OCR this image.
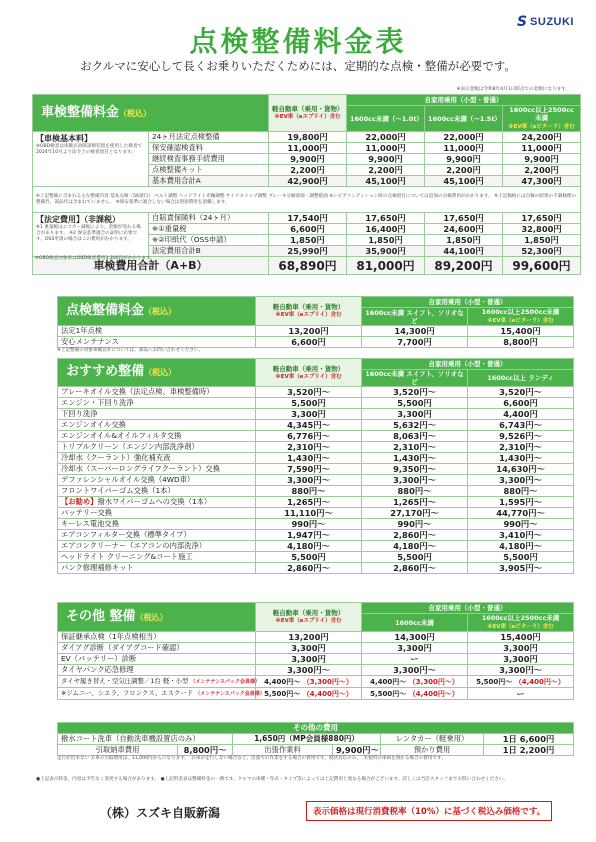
S SUZUKI
点検整備料金表
おクルマに安心して長くお乗りいただくためには、定期的な点検・整備が必要です。
※表示金額は令和8年4月1日時点での金額になります。
車検整備料金（税込）		軽自動車（乗用・貨物）
※EV車（eエブリイ）含む	自家用乗用（小型・普通）		
			1600cc未満（～1.0t）	1600cc未満（～1.5t）	1600cc以上2500cc未満
※EV車（eビターラ）含む

【車検基本料】
※OBD検査は車載式故障診断装置を使用した検査で2024年10月より法令上の検査項目となります。	24ヶ月法定点検整備	19,800円	22,000円	22,000円	24,200円
	保安確認検査料	11,000円	11,000円	11,000円	11,000円
	継続検査事務手続費用	9,900円	9,900円	9,900円	9,900円
	点検整備キット	2,200円	2,200円	2,200円	2,200円
	基本費用合計A	42,900円	45,100円	45,100円	47,300円
※上記整備に含まれる主な整備内容 基本点検（56項目） ベルト調整 ヘッドライト光軸調整 サイドスリップ調整 ブレーキ分解清掃・調整給油 ※シビアコンディション時の点検項目については追加の点検費用がかかります。 ※上記価格には点検の結果の不調修理の整備代、部品代は含まれていません。 ※保安基準に適合しない場合は別途費用を頂戴します。					

【法定費用】（非課税）
※1 重量税はエコカー減税により、金額が変わる場合があります。 ※2 保安基準適合の証明に必要です。OSS申請の場合はこの費用がかかります。	自賠責保険料（24ヶ月）	17,540円	17,650円	17,650円	17,650円
	※①重量税	6,600円	16,400円	24,600円	32,800円
	※②印紙代（OSS申請）	1,850円	1,850円	1,850円	1,850円
	法定費用合計B	25,990円	35,900円	44,100円	52,300円

※OBD検査対象車はOBD検査費用3,300円がかかります。
車検費用合計（A+B）		68,890円	81,000円	89,200円	99,600円
点検整備料金（税込）	軽自動車（乗用・貨物）
※EV車（eエブリイ）含む	自家用乗用（小型・普通）	
		1600cc未満 スイフト、ソリオなど	1600cc以上2500cc未満
※EV車（eビターラ）含む
法定1年点検	13,200円	14,300円	15,400円
安心メンテナンス	6,600円	7,700円	8,800円
※上記整備の対象車種以外については、部品へお問い合わせください。
おすすめ整備（税込）	軽自動車（乗用・貨物）
※EV車（eエブリイ）含む	自家用乗用（小型・普通）	
		1600cc未満 スイフト、ソリオなど	1600cc以上 ランディ
ブレーキオイル交換（法定点検、車検整備時）	3,520円～	3,520円～	3,520円～
エンジン・下回り洗浄	5,500円	5,500円	6,600円
下回り洗浄	3,300円	3,300円	4,400円
エンジンオイル交換	4,345円～	5,632円～	6,743円～
エンジンオイル&オイルフィルタ交換	6,776円～	8,063円～	9,526円～
トリプルクリーン（エンジン内部洗浄剤）	2,310円～	2,310円～	2,310円～
冷却水（クーラント）強化補充液	1,430円～	1,430円～	1,430円～
冷却水（スーパーロングライフクーラント）交換	7,590円～	9,350円～	14,630円～
デファレンシャルオイル交換（4WD車）	3,300円～	3,300円～	3,300円～
フロントワイパーゴム交換（1本）	880円～	880円～	880円～
【お勧め】撥水ワイパーゴムへの交換（1本）	1,265円～	1,265円～	1,595円～
バッテリー交換	11,110円～	27,170円～	44,770円～
キーレス電池交換	990円～	990円～	990円～
エアコンフィルター交換（標準タイプ）	1,947円～	2,860円～	3,410円～
エアコンクリーナー（エアコンの内部洗浄）	4,180円～	4,180円～	4,180円～
ヘッドライト クリーニング&コート施工	5,500円	5,500円	5,500円
パンク修理補修キット	2,860円～	2,860円～	3,905円～
その他 整備（税込）	軽自動車（乗用・貨物）
※EV車（eエブリイ）含む	自家用乗用（小型・普通）	
		1600cc未満	1600cc以上2500cc未満
※EV車（eビターラ）含む
保証継承点検（1年点検相当）	13,200円	14,300円	15,400円
ダイアグ診断（ダイアグコード確認）	3,300円	3,300円	3,300円
EV（バッテリー）診断	3,300円	ー	3,300円
タイヤパンク応急修理	3,300円～	3,300円～	3,300円～
タイヤ履き替え・空気圧調整／1台 軽・小型 （メンテナンスパック会員様）	4,400円～ （3,300円～）	4,400円～ （3,300円～）	5,500円～ （4,400円～）
※ジムニー、シエラ、フロンクス、エスクード （メンテナンスパック会員様）	5,500円～ （4,400円～）	5,500円～ （4,400円～）	ー
その他の費用					
撥水コート洗車（自動洗車機設置店のみ）		1,650円（MP会員様880円）		レンタカー（軽乗用）	1日 6,600円
引取納車費用	8,800円～	出張作業料	9,900円～	預かり費用	1日 2,200円
走行が出来ない お車の引取費用は、11,000円からになります。　お車が走行しない場合など、出張での作業をする場合の費用です。現状対応のみ。　未使用の車両を預かる場合の費用です。
●上記表示料金、内容は予告なく変更する場合があります。 ●上記料金表は整備料金の一例です。クルマの車種・年式・タイプ等によっては上記費用と異なる場合がございます。詳しくは当店スタッフまでお問い合わせください。
（株）スズキ自販新潟	表示価格は現行消費税率（10%）に基づく税込み価格です。
